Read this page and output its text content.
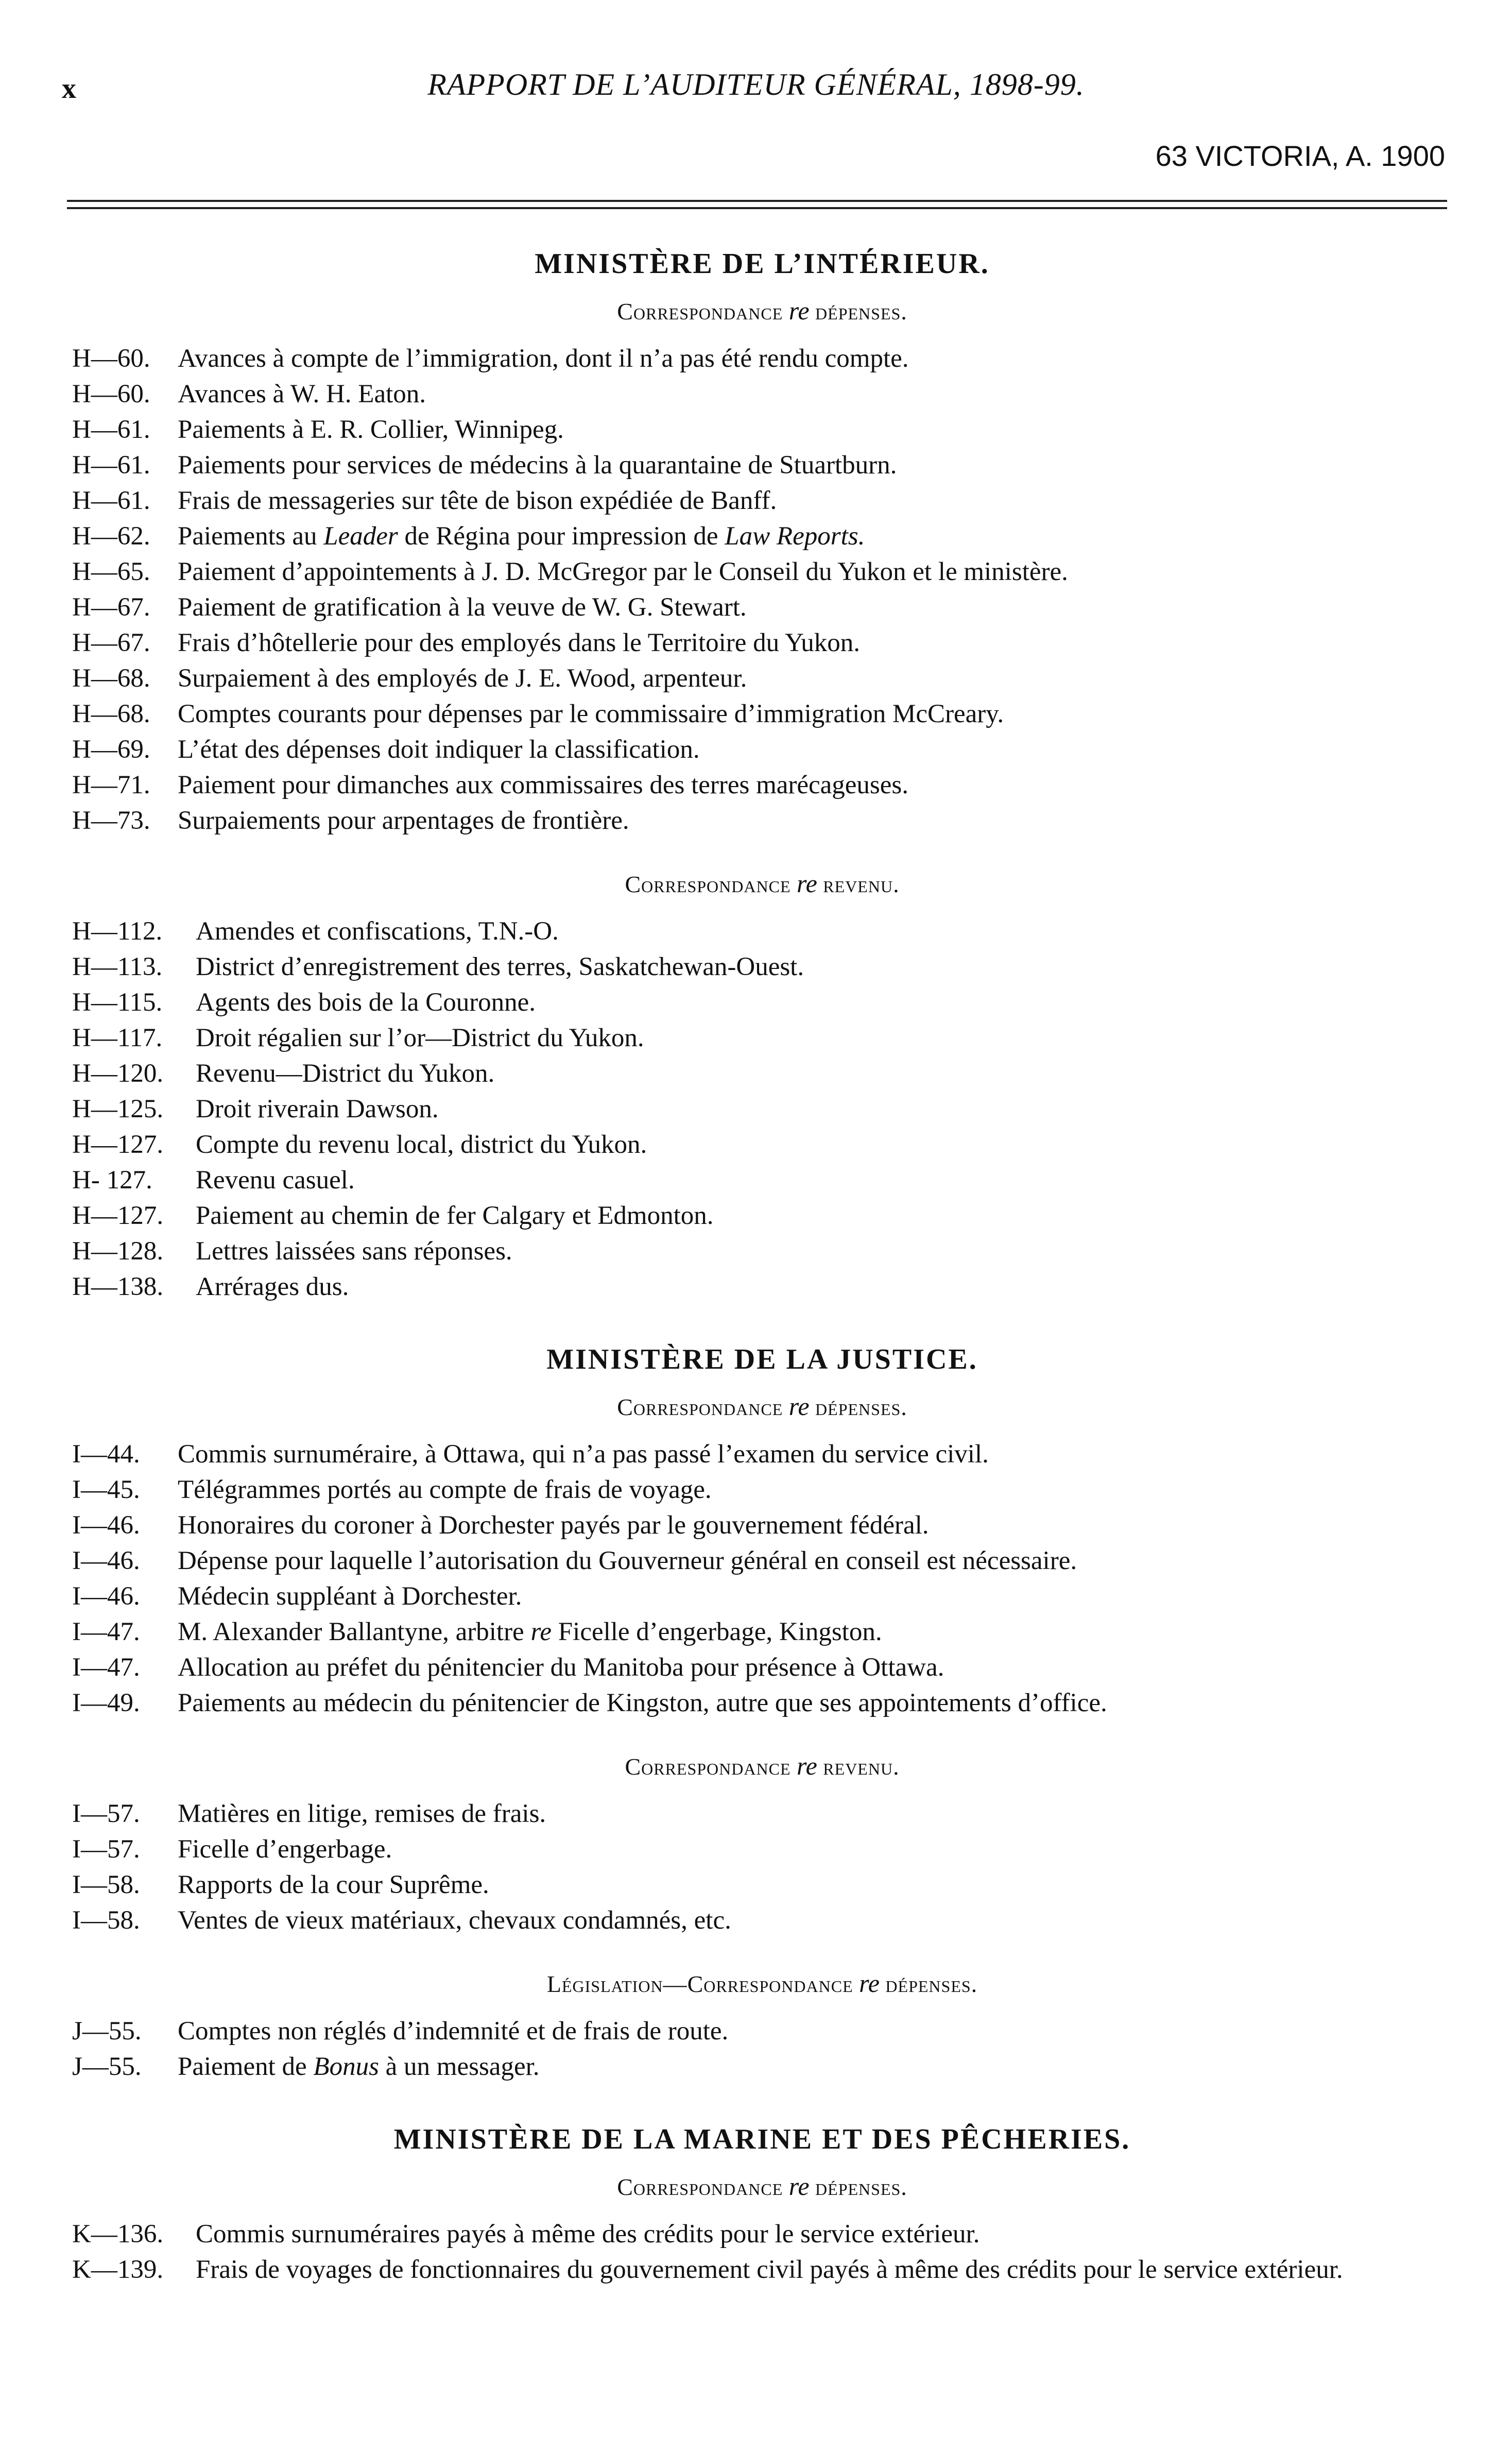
x	RAPPORT DE L’AUDITEUR GÉNÉRAL, 1898-99.
63 VICTORIA, A. 1900
MINISTÈRE DE L’INTÉRIEUR.
Correspondance re dépenses.
H—60.	Avances à compte de l’immigration, dont il n’a pas été rendu compte.
H—60.	Avances à W. H. Eaton.
H—61.	Paiements à E. R. Collier, Winnipeg.
H—61.	Paiements pour services de médecins à la quarantaine de Stuartburn.
H—61.	Frais de messageries sur tête de bison expédiée de Banff.
H—62.	Paiements au Leader de Régina pour impression de Law Reports.
H—65.	Paiement d’appointements à J. D. McGregor par le Conseil du Yukon et le ministère.
H—67.	Paiement de gratification à la veuve de W. G. Stewart.
H—67.	Frais d’hôtellerie pour des employés dans le Territoire du Yukon.
H—68.	Surpaiement à des employés de J. E. Wood, arpenteur.
H—68.	Comptes courants pour dépenses par le commissaire d’immigration McCreary.
H—69.	L’état des dépenses doit indiquer la classification.
H—71.	Paiement pour dimanches aux commissaires des terres marécageuses.
H—73.	Surpaiements pour arpentages de frontière.
Correspondance re revenu.
H—112.	Amendes et confiscations, T.N.-O.
H—113.	District d’enregistrement des terres, Saskatchewan-Ouest.
H—115.	Agents des bois de la Couronne.
H—117.	Droit régalien sur l’or—District du Yukon.
H—120.	Revenu—District du Yukon.
H—125.	Droit riverain Dawson.
H—127.	Compte du revenu local, district du Yukon.
H- 127.	Revenu casuel.
H—127.	Paiement au chemin de fer Calgary et Edmonton.
H—128.	Lettres laissées sans réponses.
H—138.	Arrérages dus.
MINISTÈRE DE LA JUSTICE.
Correspondance re dépenses.
I—44.	Commis surnuméraire, à Ottawa, qui n’a pas passé l’examen du service civil.
I—45.	Télégrammes portés au compte de frais de voyage.
I—46.	Honoraires du coroner à Dorchester payés par le gouvernement fédéral.
I—46.	Dépense pour laquelle l’autorisation du Gouverneur général en conseil est nécessaire.
I—46.	Médecin suppléant à Dorchester.
I—47.	M. Alexander Ballantyne, arbitre re Ficelle d’engerbage, Kingston.
I—47.	Allocation au préfet du pénitencier du Manitoba pour présence à Ottawa.
I—49.	Paiements au médecin du pénitencier de Kingston, autre que ses appointements d’office.
Correspondance re revenu.
I—57.	Matières en litige, remises de frais.
I—57.	Ficelle d’engerbage.
I—58.	Rapports de la cour Suprême.
I—58.	Ventes de vieux matériaux, chevaux condamnés, etc.
Législation—Correspondance re dépenses.
J—55.	Comptes non réglés d’indemnité et de frais de route.
J—55.	Paiement de Bonus à un messager.
MINISTÈRE DE LA MARINE ET DES PÊCHERIES.
Correspondance re dépenses.
K—136.	Commis surnuméraires payés à même des crédits pour le service extérieur.
K—139.	Frais de voyages de fonctionnaires du gouvernement civil payés à même des crédits pour le service extérieur.
